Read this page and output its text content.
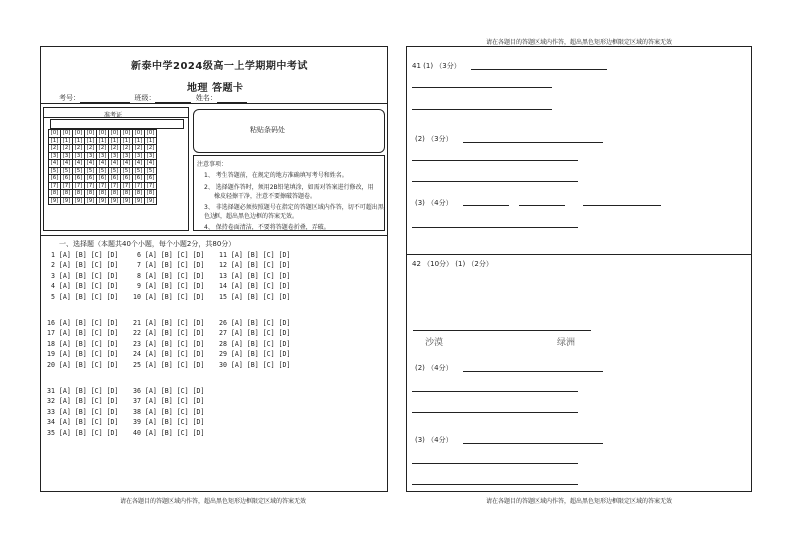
请在各题目的答题区域内作答，超出黑色矩形边框限定区域的答案无效
新泰中学2024级高一上学期期中考试
地理 答题卡
考号：	班级：	姓名：
准考证
[0]	[0]	[0]	[0]	[0]	[0]	[0]	[0]	[0]
[1]	[1]	[1]	[1]	[1]	[1]	[1]	[1]	[1]
[2]	[2]	[2]	[2]	[2]	[2]	[2]	[2]	[2]
[3]	[3]	[3]	[3]	[3]	[3]	[3]	[3]	[3]
[4]	[4]	[4]	[4]	[4]	[4]	[4]	[4]	[4]
[5]	[5]	[5]	[5]	[5]	[5]	[5]	[5]	[5]
[6]	[6]	[6]	[6]	[6]	[6]	[6]	[6]	[6]
[7]	[7]	[7]	[7]	[7]	[7]	[7]	[7]	[7]
[8]	[8]	[8]	[8]	[8]	[8]	[8]	[8]	[8]
[9]	[9]	[9]	[9]	[9]	[9]	[9]	[9]	[9]
粘贴条码处
注意事项：
1、 考生答题前，在规定的地方准确填写考号和姓名。
2、 选择题作答时，须用2B铅笔填涂，如需对答案进行修改，用
橡皮轻擦干净，注意不要擦破答题卷。
3、 非选择题必须按照题号在指定的答题区域内作答，切不可超出黑色边
框，超出黑色边框的答案无效。
4、 保持卷面清洁，不要将答题卷折叠，弄破。
一、选择题（本题共40个小题，每个小题2分，共80分）
1 [A] [B] [C] [D] 6 [A] [B] [C] [D] 11 [A] [B] [C] [D]
2 [A] [B] [C] [D] 7 [A] [B] [C] [D] 12 [A] [B] [C] [D]
3 [A] [B] [C] [D] 8 [A] [B] [C] [D] 13 [A] [B] [C] [D]
4 [A] [B] [C] [D] 9 [A] [B] [C] [D] 14 [A] [B] [C] [D]
5 [A] [B] [C] [D] 10 [A] [B] [C] [D] 15 [A] [B] [C] [D]
16 [A] [B] [C] [D] 21 [A] [B] [C] [D] 26 [A] [B] [C] [D]
17 [A] [B] [C] [D] 22 [A] [B] [C] [D] 27 [A] [B] [C] [D]
18 [A] [B] [C] [D] 23 [A] [B] [C] [D] 28 [A] [B] [C] [D]
19 [A] [B] [C] [D] 24 [A] [B] [C] [D] 29 [A] [B] [C] [D]
20 [A] [B] [C] [D] 25 [A] [B] [C] [D] 30 [A] [B] [C] [D]
31 [A] [B] [C] [D] 36 [A] [B] [C] [D]
32 [A] [B] [C] [D] 37 [A] [B] [C] [D]
33 [A] [B] [C] [D] 38 [A] [B] [C] [D]
34 [A] [B] [C] [D] 39 [A] [B] [C] [D]
35 [A] [B] [C] [D] 40 [A] [B] [C] [D]
请在各题目的答题区域内作答，超出黑色矩形边框限定区域的答案无效
41 (1) （3分）
(2) （3分）
(3) （4分）
42 （10分） (1) （2分）
沙漠	绿洲
(2) （4分）
(3) （4分）
请在各题目的答题区域内作答，超出黑色矩形边框限定区域的答案无效
